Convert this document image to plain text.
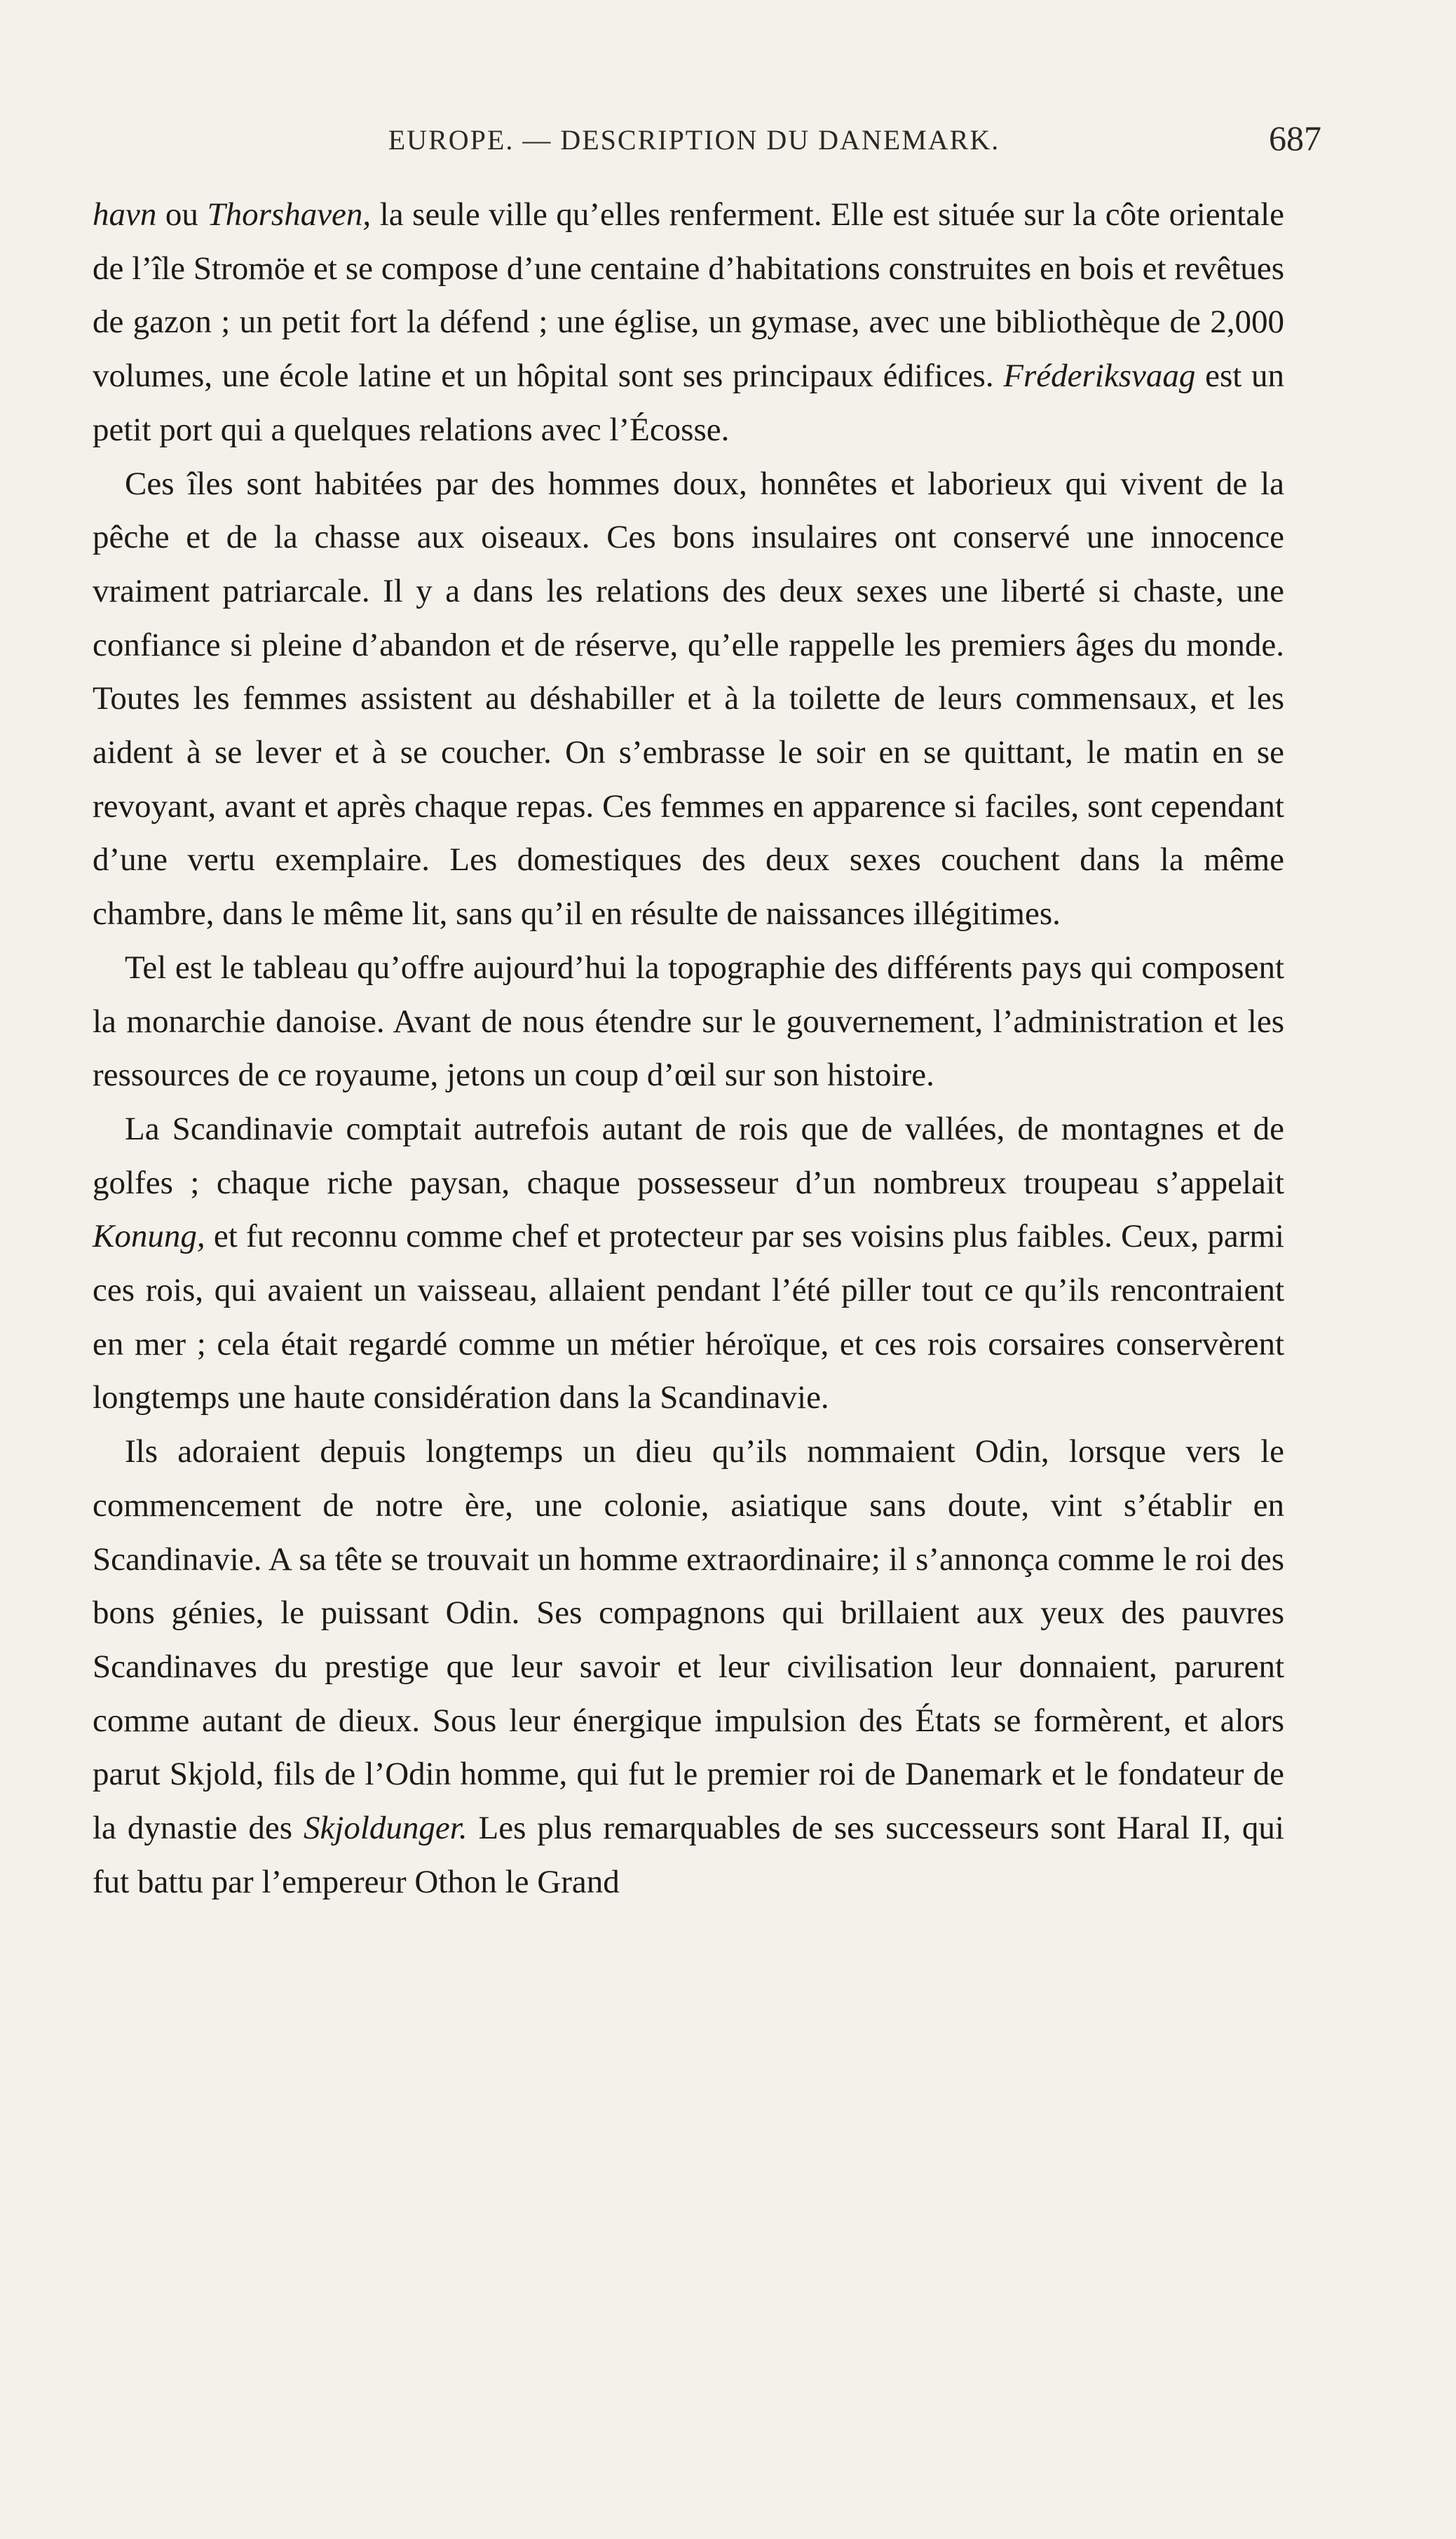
EUROPE. — DESCRIPTION DU DANEMARK.	687

havn ou Thorshaven, la seule ville qu’elles renferment. Elle est située sur la côte orientale de l’île Stromöe et se compose d’une centaine d’habitations construites en bois et revêtues de gazon ; un petit fort la défend ; une église, un gymase, avec une bibliothèque de 2,000 volumes, une école latine et un hôpital sont ses principaux édifices. Fréderiksvaag est un petit port qui a quelques relations avec l’Écosse.

Ces îles sont habitées par des hommes doux, honnêtes et laborieux qui vivent de la pêche et de la chasse aux oiseaux. Ces bons insulaires ont conservé une innocence vraiment patriarcale. Il y a dans les relations des deux sexes une liberté si chaste, une confiance si pleine d’abandon et de réserve, qu’elle rappelle les premiers âges du monde. Toutes les femmes assistent au déshabiller et à la toilette de leurs commensaux, et les aident à se lever et à se coucher. On s’embrasse le soir en se quittant, le matin en se revoyant, avant et après chaque repas. Ces femmes en apparence si faciles, sont cependant d’une vertu exemplaire. Les domestiques des deux sexes couchent dans la même chambre, dans le même lit, sans qu’il en résulte de naissances illégitimes.

Tel est le tableau qu’offre aujourd’hui la topographie des différents pays qui composent la monarchie danoise. Avant de nous étendre sur le gouvernement, l’administration et les ressources de ce royaume, jetons un coup d’œil sur son histoire.

La Scandinavie comptait autrefois autant de rois que de vallées, de montagnes et de golfes ; chaque riche paysan, chaque possesseur d’un nombreux troupeau s’appelait Konung, et fut reconnu comme chef et protecteur par ses voisins plus faibles. Ceux, parmi ces rois, qui avaient un vaisseau, allaient pendant l’été piller tout ce qu’ils rencontraient en mer ; cela était regardé comme un métier héroïque, et ces rois corsaires conservèrent longtemps une haute considération dans la Scandinavie.

Ils adoraient depuis longtemps un dieu qu’ils nommaient Odin, lorsque vers le commencement de notre ère, une colonie, asiatique sans doute, vint s’établir en Scandinavie. A sa tête se trouvait un homme extraordinaire; il s’annonça comme le roi des bons génies, le puissant Odin. Ses compagnons qui brillaient aux yeux des pauvres Scandinaves du prestige que leur savoir et leur civilisation leur donnaient, parurent comme autant de dieux. Sous leur énergique impulsion des États se formèrent, et alors parut Skjold, fils de l’Odin homme, qui fut le premier roi de Danemark et le fondateur de la dynastie des Skjoldunger. Les plus remarquables de ses successeurs sont Haral II, qui fut battu par l’empereur Othon le Grand
